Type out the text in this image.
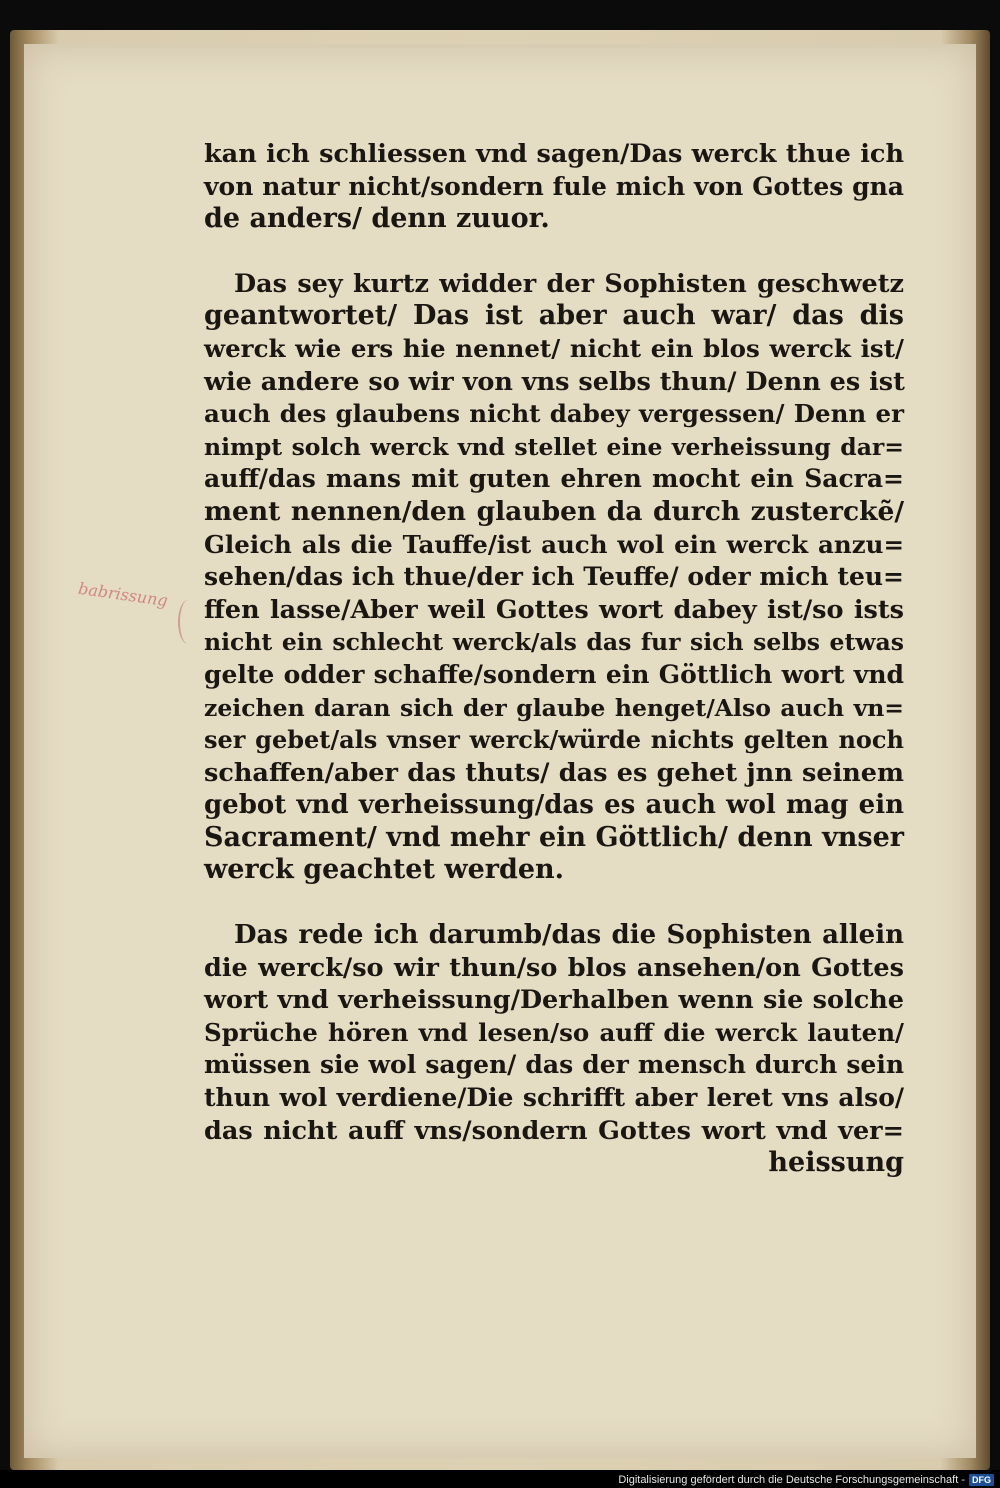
babrissung
kan ich schliessen vnd sagen/Das werck thue ich
von natur nicht/sondern fule mich von Gottes gna
de anders/ denn zuuor.
Das sey kurtz widder der Sophisten geschwetz
geantwortet/ Das ist aber auch war/ das dis
werck wie ers hie nennet/ nicht ein blos werck ist/
wie andere so wir von vns selbs thun/ Denn es ist
auch des glaubens nicht dabey vergessen/ Denn er
nimpt solch werck vnd stellet eine verheissung dar=
auff/das mans mit guten ehren mocht ein Sacra=
ment nennen/den glauben da durch zusterckẽ/
Gleich als die Tauffe/ist auch wol ein werck anzu=
sehen/das ich thue/der ich Teuffe/ oder mich teu=
ffen lasse/Aber weil Gottes wort dabey ist/so ists
nicht ein schlecht werck/als das fur sich selbs etwas
gelte odder schaffe/sondern ein Göttlich wort vnd
zeichen daran sich der glaube henget/Also auch vn=
ser gebet/als vnser werck/würde nichts gelten noch
schaffen/aber das thuts/ das es gehet jnn seinem
gebot vnd verheissung/das es auch wol mag ein
Sacrament/ vnd mehr ein Göttlich/ denn vnser
werck geachtet werden.
Das rede ich darumb/das die Sophisten allein
die werck/so wir thun/so blos ansehen/on Gottes
wort vnd verheissung/Derhalben wenn sie solche
Sprüche hören vnd lesen/so auff die werck lauten/
müssen sie wol sagen/ das der mensch durch sein
thun wol verdiene/Die schrifft aber leret vns also/
das nicht auff vns/sondern Gottes wort vnd ver=
heissung
Digitalisierung gefördert durch die Deutsche Forschungsgemeinschaft - DFG
